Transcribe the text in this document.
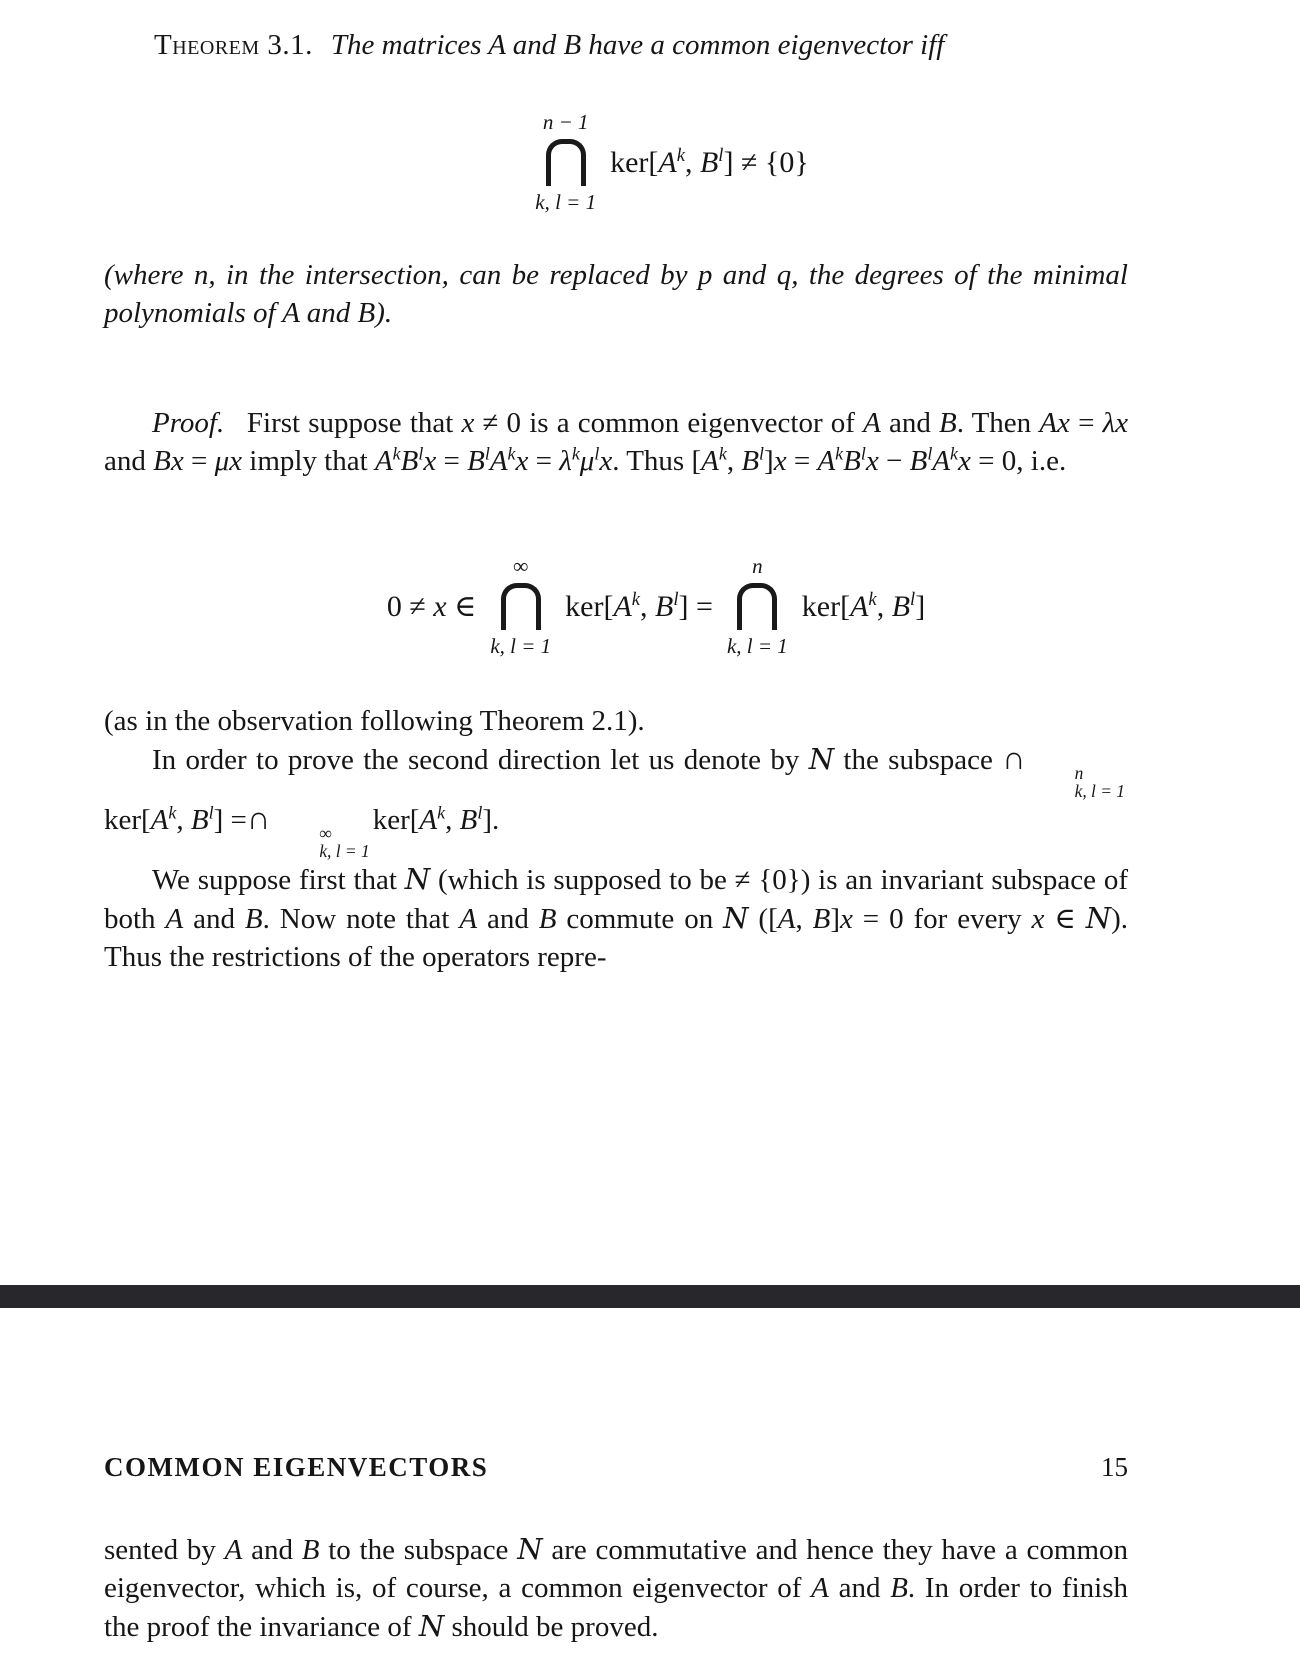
Theorem 3.1. The matrices A and B have a common eigenvector iff

n − 1
k, l = 1
$ker[A^k$, $B^l] \ne \{0\}$

(where n, in the intersection, can be replaced by p and q, the degrees of the minimal polynomials of A and B).

Proof.  First suppose that x ≠ 0 is a common eigenvector of A and B. Then Ax = λx and Bx = μx imply that $A^kB^lx = B^lA^kx = \lambda^k\mu^lx$. Thus [$A^k$, $B^l]x = A^kB^lx - B^lA^kx = 0$, i.e.

0 ≠ x ∈
∞
k, l = 1
$ker[A^k$, $B^l$] =
n
k, l = 1
$ker[A^k$, $B^l$]

(as in the observation following Theorem 2.1).

In order to prove the second direction let us denote by N the subspace ∩	n
k, l = 1
$ker[A^k$, $B^l$] =∩	∞
k, l = 1
$ker[A^k$, $B^l$].

We suppose first that N (which is supposed to be ≠ {0}) is an invariant subspace of both A and B. Now note that A and B commute on N ([A, B]x = 0 for every x ∈ N). Thus the restrictions of the operators repre-

COMMON EIGENVECTORS	15

sented by A and B to the subspace N are commutative and hence they have a common eigenvector, which is, of course, a common eigenvector of A and B. In order to finish the proof the invariance of N should be proved.
